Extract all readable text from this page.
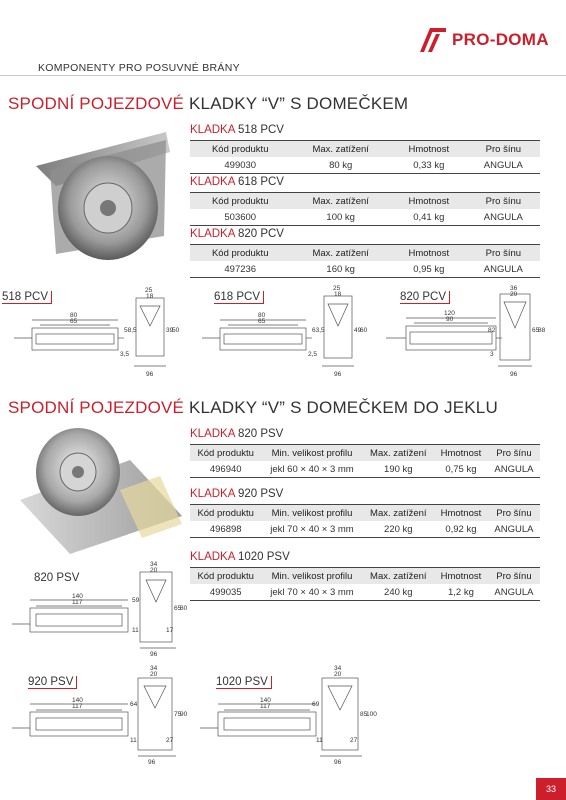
PRO-DOMA
KOMPONENTY PRO POSUVNÉ BRÁNY
SPODNÍ POJEZDOVÉ KLADKY “V” S DOMEČKEM
KLADKA 518 PCV
Kód produktu	Max. zatížení	Hmotnost	Pro šínu
499030	80 kg	0,33 kg	ANGULA
KLADKA 618 PCV
Kód produktu	Max. zatížení	Hmotnost	Pro šínu
503600	100 kg	0,41 kg	ANGULA
KLADKA 820 PCV
Kód produktu	Max. zatížení	Hmotnost	Pro šínu
497236	160 kg	0,95 kg	ANGULA
518 PCV	618 PCV	820 PCV
80
65
58,5
25
18
39
50
96
3,5
80
65
63,5
25
18
49
60
96
2,5
120
90
82
36
20
65
88
96
3
SPODNÍ POJEZDOVÉ KLADKY “V” S DOMEČKEM DO JEKLU
KLADKA 820 PSV
Kód produktu	Min. velikost profilu	Max. zatížení	Hmotnost	Pro šínu
496940	jekl 60 × 40 × 3 mm	190 kg	0,75 kg	ANGULA
KLADKA 920 PSV
Kód produktu	Min. velikost profilu	Max. zatížení	Hmotnost	Pro šínu
496898	jekl 70 × 40 × 3 mm	220 kg	0,92 kg	ANGULA
KLADKA 1020 PSV
Kód produktu	Min. velikost profilu	Max. zatížení	Hmotnost	Pro šínu
499035	jekl 70 × 40 × 3 mm	240 kg	1,2 kg	ANGULA
820 PSV
920 PSV	1020 PSV
140
117	59
34
20
65
80
96
11	17
140
117	64
34
20
75
90
96
11	27
140
117	69
34
20
85
100
96
11	27
33
